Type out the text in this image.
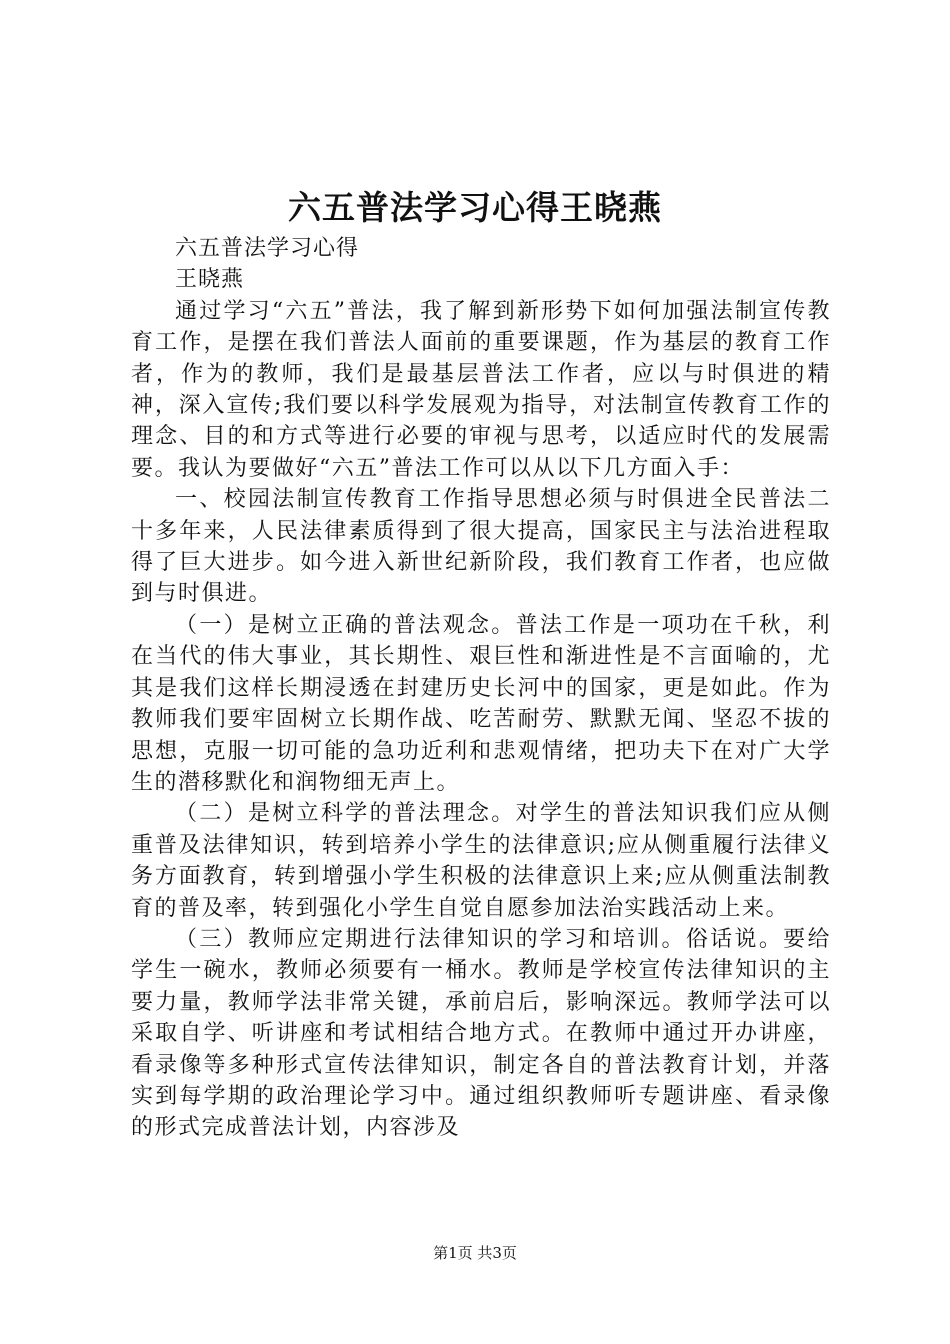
六五普法学习心得王晓燕

六五普法学习心得

王晓燕

通过学习“六五”普法，我了解到新形势下如何加强法制宣传教育工作，是摆在我们普法人面前的重要课题，作为基层的教育工作者，作为的教师，我们是最基层普法工作者，应以与时俱进的精神，深入宣传;我们要以科学发展观为指导，对法制宣传教育工作的理念、目的和方式等进行必要的审视与思考，以适应时代的发展需要。我认为要做好“六五”普法工作可以从以下几方面入手：

一、校园法制宣传教育工作指导思想必须与时俱进全民普法二十多年来，人民法律素质得到了很大提高，国家民主与法治进程取得了巨大进步。如今进入新世纪新阶段，我们教育工作者，也应做到与时俱进。

（一）是树立正确的普法观念。普法工作是一项功在千秋，利在当代的伟大事业，其长期性、艰巨性和渐进性是不言面喻的，尤其是我们这样长期浸透在封建历史长河中的国家，更是如此。作为教师我们要牢固树立长期作战、吃苦耐劳、默默无闻、坚忍不拔的思想，克服一切可能的急功近利和悲观情绪，把功夫下在对广大学生的潜移默化和润物细无声上。

（二）是树立科学的普法理念。对学生的普法知识我们应从侧重普及法律知识，转到培养小学生的法律意识;应从侧重履行法律义务方面教育，转到增强小学生积极的法律意识上来;应从侧重法制教育的普及率，转到强化小学生自觉自愿参加法治实践活动上来。

（三）教师应定期进行法律知识的学习和培训。俗话说。要给学生一碗水，教师必须要有一桶水。教师是学校宣传法律知识的主要力量，教师学法非常关键，承前启后，影响深远。教师学法可以采取自学、听讲座和考试相结合地方式。在教师中通过开办讲座，看录像等多种形式宣传法律知识，制定各自的普法教育计划，并落实到每学期的政治理论学习中。通过组织教师听专题讲座、看录像的形式完成普法计划，内容涉及

第1页 共3页
